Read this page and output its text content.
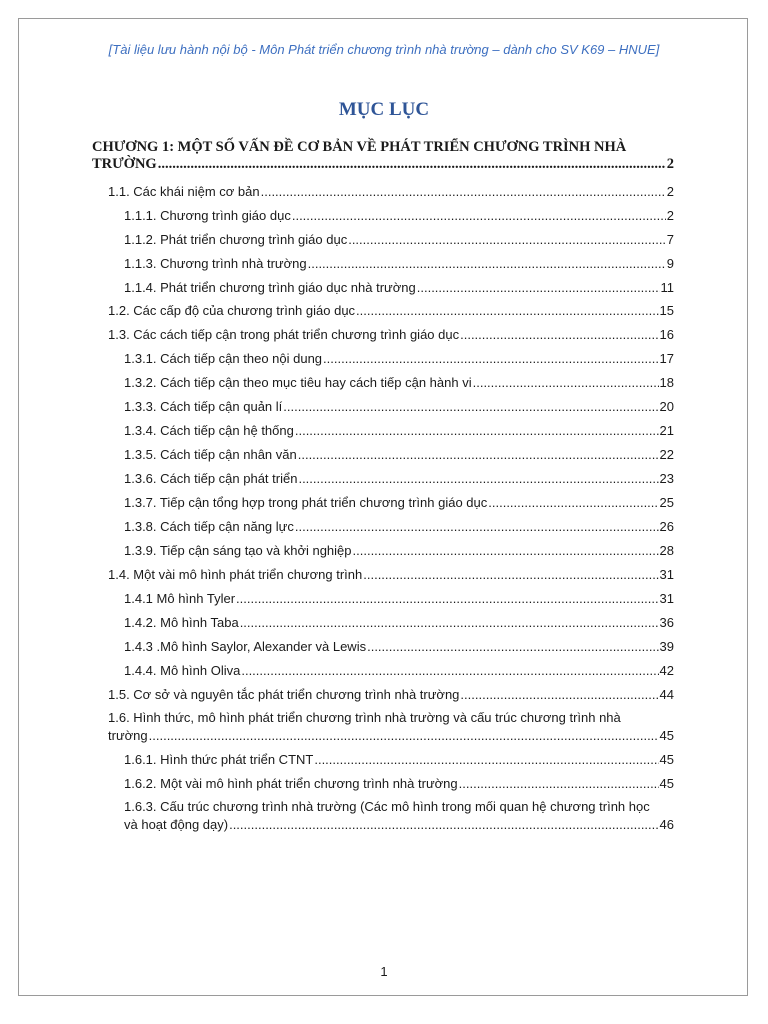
[Tài liệu lưu hành nội bộ - Môn Phát triển chương trình nhà trường – dành cho SV K69 – HNUE]
MỤC LỤC
CHƯƠNG 1: MỘT SỐ VẤN ĐỀ CƠ BẢN VỀ PHÁT TRIỂN CHƯƠNG TRÌNH NHÀ
TRƯỜNG .....	2
1.1. Các khái niệm cơ bản .....	2
1.1.1. Chương trình giáo dục .....	2
1.1.2. Phát triển chương trình giáo dục .....	7
1.1.3. Chương trình nhà trường .....	9
1.1.4. Phát triển chương trình giáo dục nhà trường .....	11
1.2. Các cấp độ của chương trình giáo dục .....	15
1.3. Các cách tiếp cận trong phát triển chương trình giáo dục .....	16
1.3.1. Cách tiếp cận theo nội dung .....	17
1.3.2. Cách tiếp cận theo mục tiêu hay cách tiếp cận hành vi .....	18
1.3.3. Cách tiếp cận quản lí .....	20
1.3.4. Cách tiếp cận hệ thống .....	21
1.3.5. Cách tiếp cận nhân văn .....	22
1.3.6. Cách tiếp cận phát triển .....	23
1.3.7. Tiếp cận tổng hợp trong phát triển chương trình giáo dục .....	25
1.3.8. Cách tiếp cận năng lực .....	26
1.3.9. Tiếp cận sáng tạo và khởi nghiệp .....	28
1.4. Một vài mô hình phát triển chương trình .....	31
1.4.1 Mô hình Tyler .....	31
1.4.2. Mô hình Taba .....	36
1.4.3 .Mô hình Saylor, Alexander và Lewis .....	39
1.4.4. Mô hình Oliva .....	42
1.5. Cơ sở và nguyên tắc phát triển chương trình nhà trường .....	44
1.6. Hình thức, mô hình phát triển chương trình nhà trường và cấu trúc chương trình nhà
trường .....	45
1.6.1. Hình thức phát triển CTNT .....	45
1.6.2. Một vài mô hình phát triển chương trình nhà trường .....	45
1.6.3. Cấu trúc chương trình nhà trường (Các mô hình trong mối quan hệ chương trình học
và hoạt động dạy) .....	46
1
